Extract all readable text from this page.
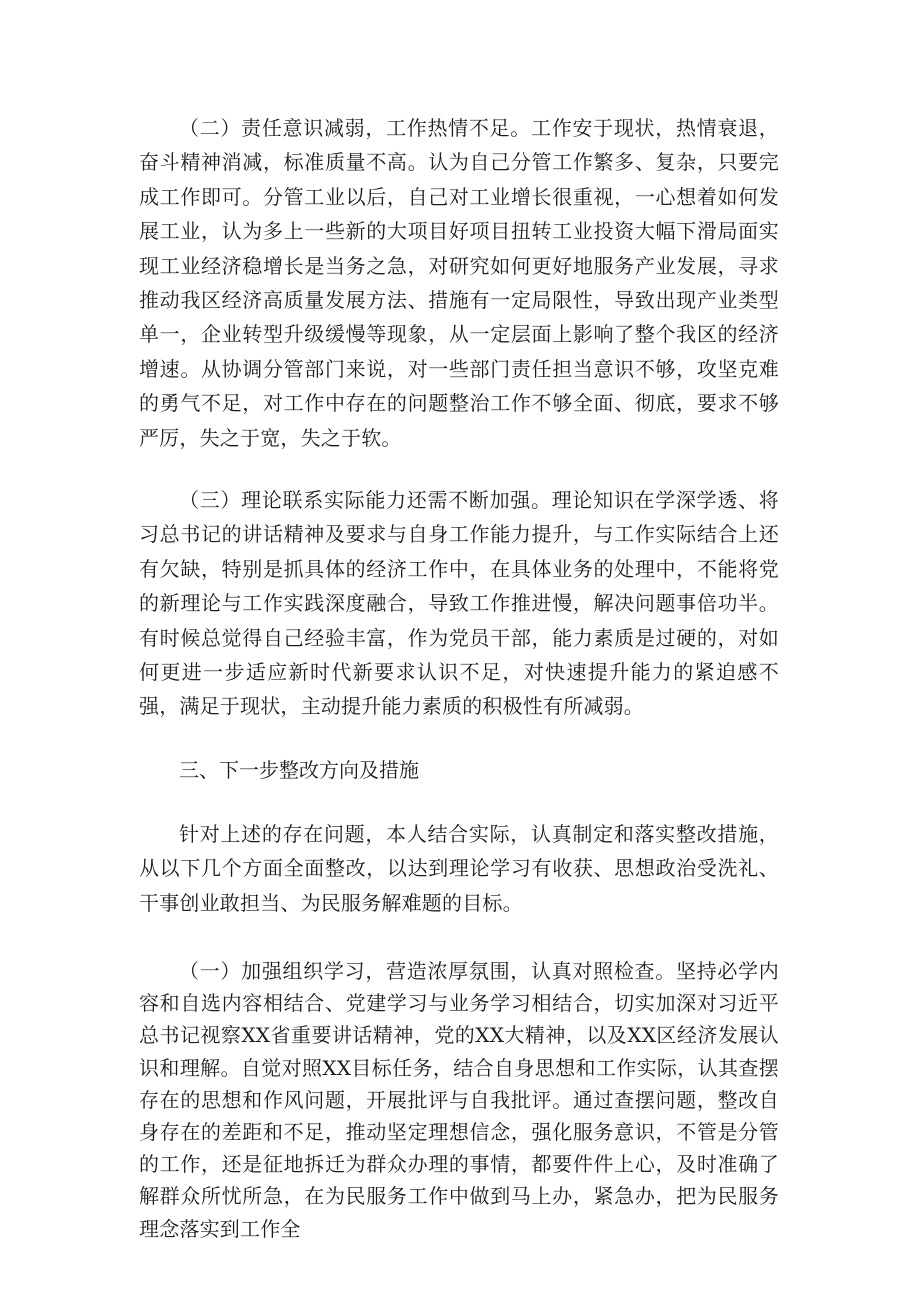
（二）责任意识减弱，工作热情不足。工作安于现状，热情衰退，奋斗精神消减，标准质量不高。认为自己分管工作繁多、复杂，只要完成工作即可。分管工业以后，自己对工业增长很重视，一心想着如何发展工业，认为多上一些新的大项目好项目扭转工业投资大幅下滑局面实现工业经济稳增长是当务之急，对研究如何更好地服务产业发展，寻求推动我区经济高质量发展方法、措施有一定局限性，导致出现产业类型单一，企业转型升级缓慢等现象，从一定层面上影响了整个我区的经济增速。从协调分管部门来说，对一些部门责任担当意识不够，攻坚克难的勇气不足，对工作中存在的问题整治工作不够全面、彻底，要求不够严厉，失之于宽，失之于软。

（三）理论联系实际能力还需不断加强。理论知识在学深学透、将习总书记的讲话精神及要求与自身工作能力提升，与工作实际结合上还有欠缺，特别是抓具体的经济工作中，在具体业务的处理中，不能将党的新理论与工作实践深度融合，导致工作推进慢，解决问题事倍功半。有时候总觉得自己经验丰富，作为党员干部，能力素质是过硬的，对如何更进一步适应新时代新要求认识不足，对快速提升能力的紧迫感不强，满足于现状，主动提升能力素质的积极性有所减弱。

三、下一步整改方向及措施

针对上述的存在问题，本人结合实际，认真制定和落实整改措施，从以下几个方面全面整改，以达到理论学习有收获、思想政治受洗礼、干事创业敢担当、为民服务解难题的目标。

（一）加强组织学习，营造浓厚氛围，认真对照检查。坚持必学内容和自选内容相结合、党建学习与业务学习相结合，切实加深对习近平总书记视察XX省重要讲话精神，党的XX大精神，以及XX区经济发展认识和理解。自觉对照XX目标任务，结合自身思想和工作实际，认其查摆存在的思想和作风问题，开展批评与自我批评。通过查摆问题，整改自身存在的差距和不足，推动坚定理想信念，强化服务意识，不管是分管的工作，还是征地拆迁为群众办理的事情，都要件件上心，及时准确了解群众所忧所急，在为民服务工作中做到马上办，紧急办，把为民服务理念落实到工作全
